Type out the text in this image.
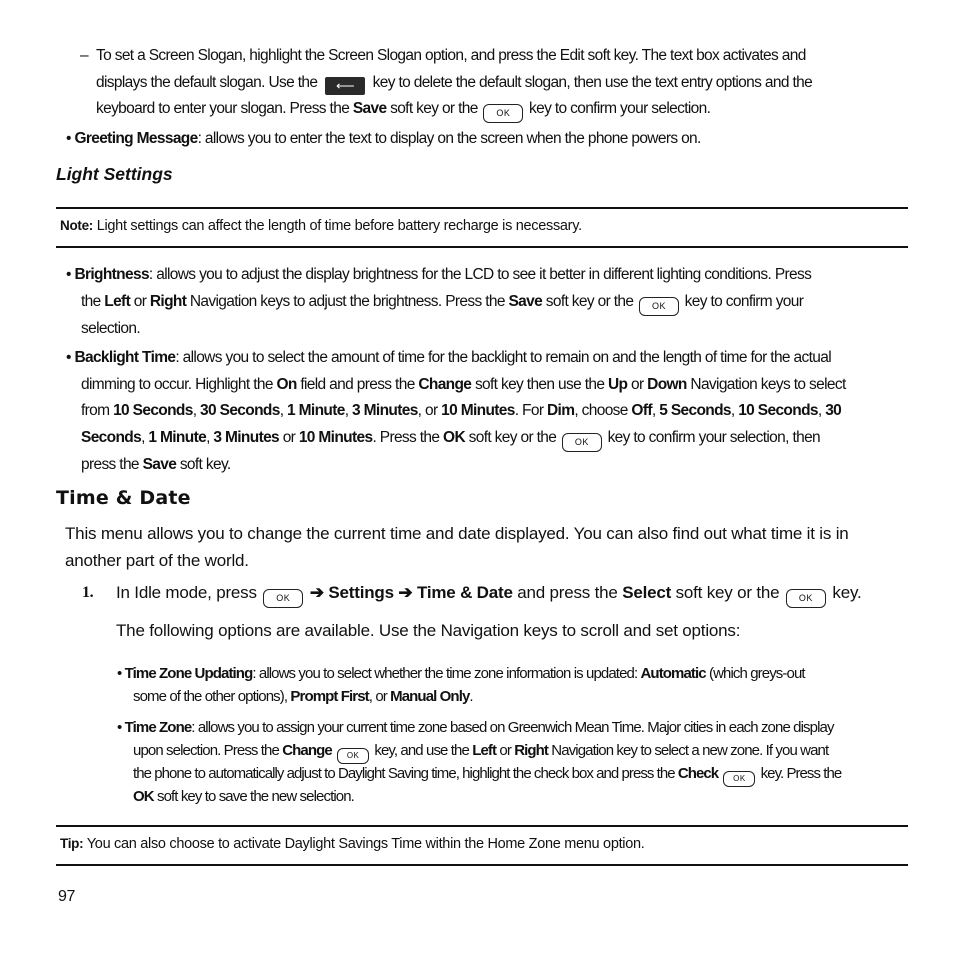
– To set a Screen Slogan, highlight the Screen Slogan option, and press the Edit soft key. The text box activates and
displays the default slogan. Use the ⟵ key to delete the default slogan, then use the text entry options and the
keyboard to enter your slogan. Press the Save soft key or the OK key to confirm your selection.
• Greeting Message: allows you to enter the text to display on the screen when the phone powers on.
Light Settings
Note: Light settings can affect the length of time before battery recharge is necessary.
• Brightness: allows you to adjust the display brightness for the LCD to see it better in different lighting conditions. Press
the Left or Right Navigation keys to adjust the brightness. Press the Save soft key or the OK key to confirm your
selection.
• Backlight Time: allows you to select the amount of time for the backlight to remain on and the length of time for the actual
dimming to occur. Highlight the On field and press the Change soft key then use the Up or Down Navigation keys to select
from 10 Seconds, 30 Seconds, 1 Minute, 3 Minutes, or 10 Minutes. For Dim, choose Off, 5 Seconds, 10 Seconds, 30
Seconds, 1 Minute, 3 Minutes or 10 Minutes. Press the OK soft key or the OK key to confirm your selection, then
press the Save soft key.
Time & Date
This menu allows you to change the current time and date displayed. You can also find out what time it is in
another part of the world.
1. In Idle mode, press OK ➔ Settings ➔ Time & Date and press the Select soft key or the OK key.
The following options are available. Use the Navigation keys to scroll and set options:
• Time Zone Updating: allows you to select whether the time zone information is updated: Automatic (which greys-out
some of the other options), Prompt First, or Manual Only.
• Time Zone: allows you to assign your current time zone based on Greenwich Mean Time. Major cities in each zone display
upon selection. Press the Change OK key, and use the Left or Right Navigation key to select a new zone. If you want
the phone to automatically adjust to Daylight Saving time, highlight the check box and press the Check OK key. Press the
OK soft key to save the new selection.
Tip: You can also choose to activate Daylight Savings Time within the Home Zone menu option.
97
